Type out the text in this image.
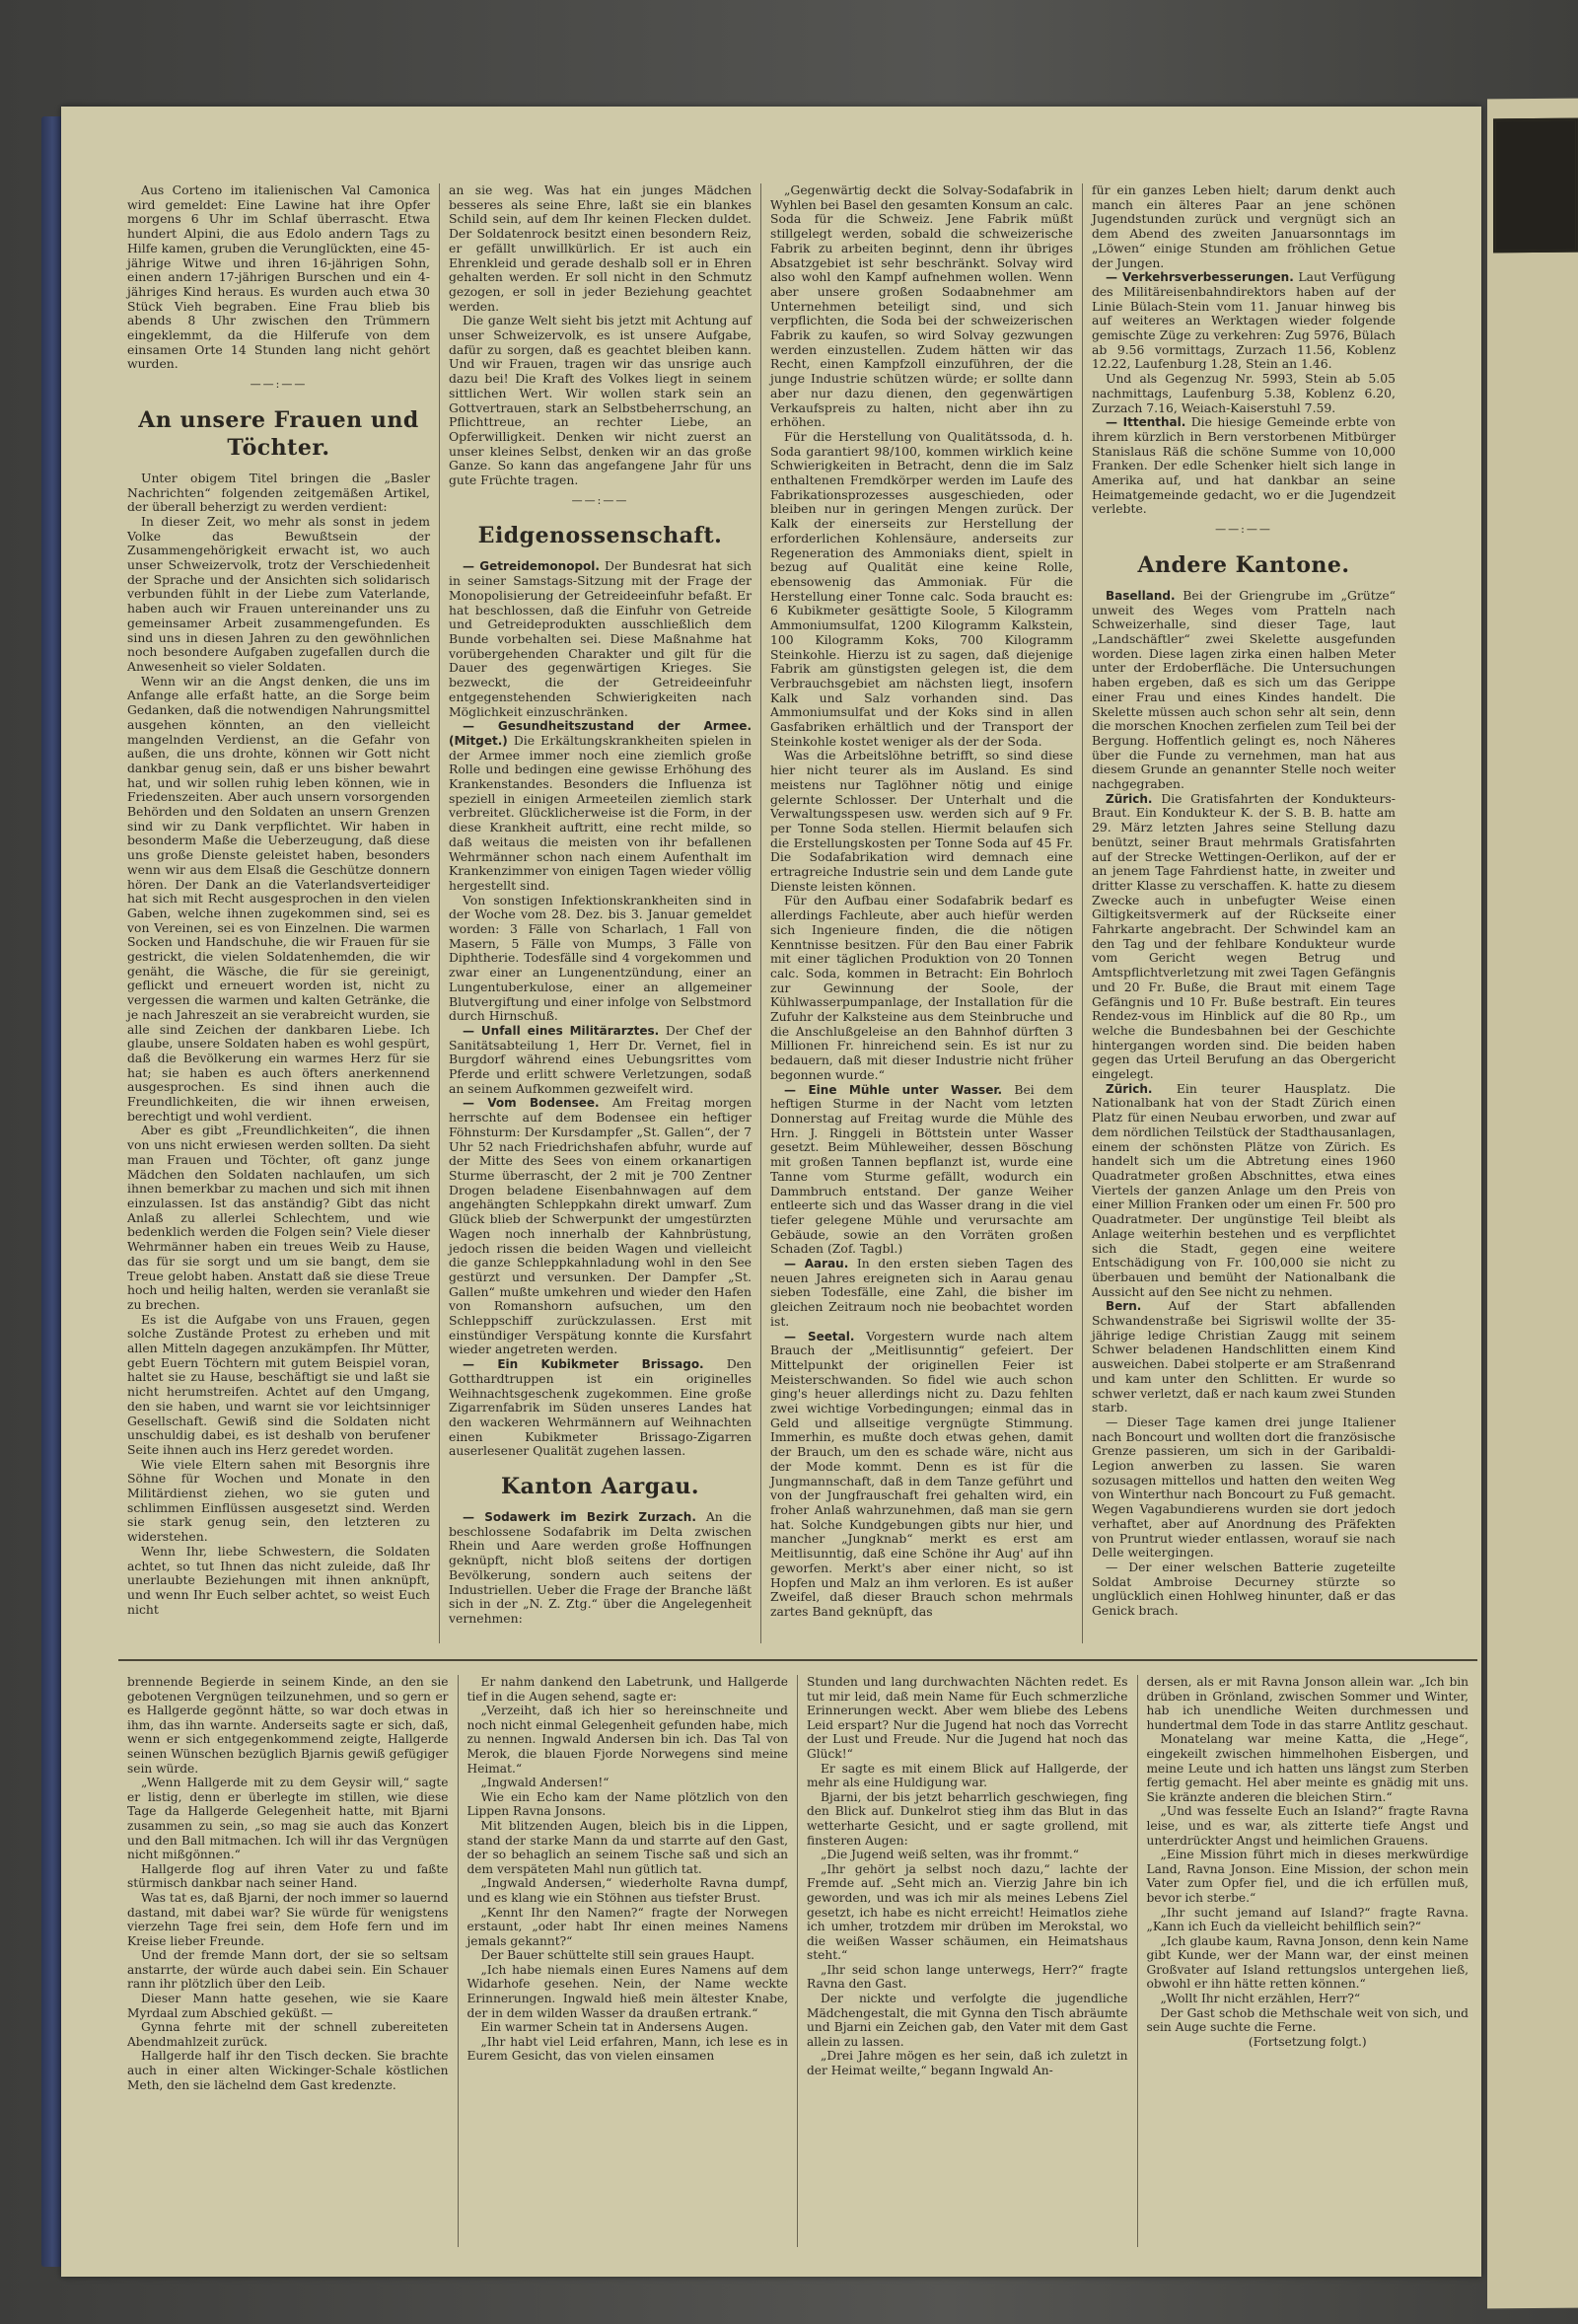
Aus Corteno im italienischen Val Camonica wird gemeldet: Eine Lawine hat ihre Opfer morgens 6 Uhr im Schlaf überrascht. Etwa hundert Alpini, die aus Edolo andern Tags zu Hilfe kamen, gruben die Verunglückten, eine 45-jährige Witwe und ihren 16-jährigen Sohn, einen andern 17-jährigen Burschen und ein 4-jähriges Kind heraus. Es wurden auch etwa 30 Stück Vieh begraben. Eine Frau blieb bis abends 8 Uhr zwischen den Trümmern eingeklemmt, da die Hilferufe von dem einsamen Orte 14 Stunden lang nicht gehört wurden.

——:——
An unsere Frauen und Töchter.

Unter obigem Titel bringen die „Basler Nachrichten“ folgenden zeitgemäßen Artikel, der überall beherzigt zu werden verdient:

In dieser Zeit, wo mehr als sonst in jedem Volke das Bewußtsein der Zusammengehörigkeit erwacht ist, wo auch unser Schweizervolk, trotz der Verschiedenheit der Sprache und der Ansichten sich solidarisch verbunden fühlt in der Liebe zum Vaterlande, haben auch wir Frauen untereinander uns zu gemeinsamer Arbeit zusammengefunden. Es sind uns in diesen Jahren zu den gewöhnlichen noch besondere Aufgaben zugefallen durch die Anwesenheit so vieler Soldaten.

Wenn wir an die Angst denken, die uns im Anfange alle erfaßt hatte, an die Sorge beim Gedanken, daß die notwendigen Nahrungsmittel ausgehen könnten, an den vielleicht mangelnden Verdienst, an die Gefahr von außen, die uns drohte, können wir Gott nicht dankbar genug sein, daß er uns bisher bewahrt hat, und wir sollen ruhig leben können, wie in Friedenszeiten. Aber auch unsern vorsorgenden Behörden und den Soldaten an unsern Grenzen sind wir zu Dank verpflichtet. Wir haben in besonderm Maße die Ueberzeugung, daß diese uns große Dienste geleistet haben, besonders wenn wir aus dem Elsaß die Geschütze donnern hören. Der Dank an die Vaterlandsverteidiger hat sich mit Recht ausgesprochen in den vielen Gaben, welche ihnen zugekommen sind, sei es von Vereinen, sei es von Einzelnen. Die warmen Socken und Handschuhe, die wir Frauen für sie gestrickt, die vielen Soldatenhemden, die wir genäht, die Wäsche, die für sie gereinigt, geflickt und erneuert worden ist, nicht zu vergessen die warmen und kalten Getränke, die je nach Jahreszeit an sie verabreicht wurden, sie alle sind Zeichen der dankbaren Liebe. Ich glaube, unsere Soldaten haben es wohl gespürt, daß die Bevölkerung ein warmes Herz für sie hat; sie haben es auch öfters anerkennend ausgesprochen. Es sind ihnen auch die Freundlichkeiten, die wir ihnen erweisen, berechtigt und wohl verdient.

Aber es gibt „Freundlichkeiten“, die ihnen von uns nicht erwiesen werden sollten. Da sieht man Frauen und Töchter, oft ganz junge Mädchen den Soldaten nachlaufen, um sich ihnen bemerkbar zu machen und sich mit ihnen einzulassen. Ist das anständig? Gibt das nicht Anlaß zu allerlei Schlechtem, und wie bedenklich werden die Folgen sein? Viele dieser Wehrmänner haben ein treues Weib zu Hause, das für sie sorgt und um sie bangt, dem sie Treue gelobt haben. Anstatt daß sie diese Treue hoch und heilig halten, werden sie veranlaßt sie zu brechen.

Es ist die Aufgabe von uns Frauen, gegen solche Zustände Protest zu erheben und mit allen Mitteln dagegen anzukämpfen. Ihr Mütter, gebt Euern Töchtern mit gutem Beispiel voran, haltet sie zu Hause, beschäftigt sie und laßt sie nicht herumstreifen. Achtet auf den Umgang, den sie haben, und warnt sie vor leichtsinniger Gesellschaft. Gewiß sind die Soldaten nicht unschuldig dabei, es ist deshalb von berufener Seite ihnen auch ins Herz geredet worden.

Wie viele Eltern sahen mit Besorgnis ihre Söhne für Wochen und Monate in den Militärdienst ziehen, wo sie guten und schlimmen Einflüssen ausgesetzt sind. Werden sie stark genug sein, den letzteren zu widerstehen.

Wenn Ihr, liebe Schwestern, die Soldaten achtet, so tut Ihnen das nicht zuleide, daß Ihr unerlaubte Beziehungen mit ihnen anknüpft, und wenn Ihr Euch selber achtet, so weist Euch nicht

an sie weg. Was hat ein junges Mädchen besseres als seine Ehre, laßt sie ein blankes Schild sein, auf dem Ihr keinen Flecken duldet. Der Soldatenrock besitzt einen besondern Reiz, er gefällt unwillkürlich. Er ist auch ein Ehrenkleid und gerade deshalb soll er in Ehren gehalten werden. Er soll nicht in den Schmutz gezogen, er soll in jeder Beziehung geachtet werden.

Die ganze Welt sieht bis jetzt mit Achtung auf unser Schweizervolk, es ist unsere Aufgabe, dafür zu sorgen, daß es geachtet bleiben kann. Und wir Frauen, tragen wir das unsrige auch dazu bei! Die Kraft des Volkes liegt in seinem sittlichen Wert. Wir wollen stark sein an Gottvertrauen, stark an Selbstbeherrschung, an Pflichttreue, an rechter Liebe, an Opferwilligkeit. Denken wir nicht zuerst an unser kleines Selbst, denken wir an das große Ganze. So kann das angefangene Jahr für uns gute Früchte tragen.

——:——
Eidgenossenschaft.

— Getreidemonopol. Der Bundesrat hat sich in seiner Samstags-Sitzung mit der Frage der Monopolisierung der Getreideeinfuhr befaßt. Er hat beschlossen, daß die Einfuhr von Getreide und Getreideprodukten ausschließlich dem Bunde vorbehalten sei. Diese Maßnahme hat vorübergehenden Charakter und gilt für die Dauer des gegenwärtigen Krieges. Sie bezweckt, die der Getreideeinfuhr entgegenstehenden Schwierigkeiten nach Möglichkeit einzuschränken.

— Gesundheitszustand der Armee. (Mitget.) Die Erkältungskrankheiten spielen in der Armee immer noch eine ziemlich große Rolle und bedingen eine gewisse Erhöhung des Krankenstandes. Besonders die Influenza ist speziell in einigen Armeeteilen ziemlich stark verbreitet. Glücklicherweise ist die Form, in der diese Krankheit auftritt, eine recht milde, so daß weitaus die meisten von ihr befallenen Wehrmänner schon nach einem Aufenthalt im Krankenzimmer von einigen Tagen wieder völlig hergestellt sind.

Von sonstigen Infektionskrankheiten sind in der Woche vom 28. Dez. bis 3. Januar gemeldet worden: 3 Fälle von Scharlach, 1 Fall von Masern, 5 Fälle von Mumps, 3 Fälle von Diphtherie. Todesfälle sind 4 vorgekommen und zwar einer an Lungenentzündung, einer an Lungentuberkulose, einer an allgemeiner Blutvergiftung und einer infolge von Selbstmord durch Hirnschuß.

— Unfall eines Militärarztes. Der Chef der Sanitätsabteilung 1, Herr Dr. Vernet, fiel in Burgdorf während eines Uebungsrittes vom Pferde und erlitt schwere Verletzungen, sodaß an seinem Aufkommen gezweifelt wird.

— Vom Bodensee. Am Freitag morgen herrschte auf dem Bodensee ein heftiger Föhnsturm: Der Kursdampfer „St. Gallen“, der 7 Uhr 52 nach Friedrichshafen abfuhr, wurde auf der Mitte des Sees von einem orkanartigen Sturme überrascht, der 2 mit je 700 Zentner Drogen beladene Eisenbahnwagen auf dem angehängten Schleppkahn direkt umwarf. Zum Glück blieb der Schwerpunkt der umgestürzten Wagen noch innerhalb der Kahnbrüstung, jedoch rissen die beiden Wagen und vielleicht die ganze Schleppkahnladung wohl in den See gestürzt und versunken. Der Dampfer „St. Gallen“ mußte umkehren und wieder den Hafen von Romanshorn aufsuchen, um den Schleppschiff zurückzulassen. Erst mit einstündiger Verspätung konnte die Kursfahrt wieder angetreten werden.

— Ein Kubikmeter Brissago. Den Gotthardtruppen ist ein originelles Weihnachtsgeschenk zugekommen. Eine große Zigarrenfabrik im Süden unseres Landes hat den wackeren Wehrmännern auf Weihnachten einen Kubikmeter Brissago-Zigarren auserlesener Qualität zugehen lassen.

Kanton Aargau.

— Sodawerk im Bezirk Zurzach. An die beschlossene Sodafabrik im Delta zwischen Rhein und Aare werden große Hoffnungen geknüpft, nicht bloß seitens der dortigen Bevölkerung, sondern auch seitens der Industriellen. Ueber die Frage der Branche läßt sich in der „N. Z. Ztg.“ über die Angelegenheit vernehmen:

„Gegenwärtig deckt die Solvay-Sodafabrik in Wyhlen bei Basel den gesamten Konsum an calc. Soda für die Schweiz. Jene Fabrik müßt stillgelegt werden, sobald die schweizerische Fabrik zu arbeiten beginnt, denn ihr übriges Absatzgebiet ist sehr beschränkt. Solvay wird also wohl den Kampf aufnehmen wollen. Wenn aber unsere großen Sodaabnehmer am Unternehmen beteiligt sind, und sich verpflichten, die Soda bei der schweizerischen Fabrik zu kaufen, so wird Solvay gezwungen werden einzustellen. Zudem hätten wir das Recht, einen Kampfzoll einzuführen, der die junge Industrie schützen würde; er sollte dann aber nur dazu dienen, den gegenwärtigen Verkaufspreis zu halten, nicht aber ihn zu erhöhen.

Für die Herstellung von Qualitätssoda, d. h. Soda garantiert 98/100, kommen wirklich keine Schwierigkeiten in Betracht, denn die im Salz enthaltenen Fremdkörper werden im Laufe des Fabrikationsprozesses ausgeschieden, oder bleiben nur in geringen Mengen zurück. Der Kalk der einerseits zur Herstellung der erforderlichen Kohlensäure, anderseits zur Regeneration des Ammoniaks dient, spielt in bezug auf Qualität eine keine Rolle, ebensowenig das Ammoniak. Für die Herstellung einer Tonne calc. Soda braucht es: 6 Kubikmeter gesättigte Soole, 5 Kilogramm Ammoniumsulfat, 1200 Kilogramm Kalkstein, 100 Kilogramm Koks, 700 Kilogramm Steinkohle. Hierzu ist zu sagen, daß diejenige Fabrik am günstigsten gelegen ist, die dem Verbrauchsgebiet am nächsten liegt, insofern Kalk und Salz vorhanden sind. Das Ammoniumsulfat und der Koks sind in allen Gasfabriken erhältlich und der Transport der Steinkohle kostet weniger als der der Soda.

Was die Arbeitslöhne betrifft, so sind diese hier nicht teurer als im Ausland. Es sind meistens nur Taglöhner nötig und einige gelernte Schlosser. Der Unterhalt und die Verwaltungsspesen usw. werden sich auf 9 Fr. per Tonne Soda stellen. Hiermit belaufen sich die Erstellungskosten per Tonne Soda auf 45 Fr. Die Sodafabrikation wird demnach eine ertragreiche Industrie sein und dem Lande gute Dienste leisten können.

Für den Aufbau einer Sodafabrik bedarf es allerdings Fachleute, aber auch hiefür werden sich Ingenieure finden, die die nötigen Kenntnisse besitzen. Für den Bau einer Fabrik mit einer täglichen Produktion von 20 Tonnen calc. Soda, kommen in Betracht: Ein Bohrloch zur Gewinnung der Soole, der Kühlwasserpumpanlage, der Installation für die Zufuhr der Kalksteine aus dem Steinbruche und die Anschlußgeleise an den Bahnhof dürften 3 Millionen Fr. hinreichend sein. Es ist nur zu bedauern, daß mit dieser Industrie nicht früher begonnen wurde.“

— Eine Mühle unter Wasser. Bei dem heftigen Sturme in der Nacht vom letzten Donnerstag auf Freitag wurde die Mühle des Hrn. J. Ringgeli in Böttstein unter Wasser gesetzt. Beim Mühleweiher, dessen Böschung mit großen Tannen bepflanzt ist, wurde eine Tanne vom Sturme gefällt, wodurch ein Dammbruch entstand. Der ganze Weiher entleerte sich und das Wasser drang in die viel tiefer gelegene Mühle und verursachte am Gebäude, sowie an den Vorräten großen Schaden (Zof. Tagbl.)

— Aarau. In den ersten sieben Tagen des neuen Jahres ereigneten sich in Aarau genau sieben Todesfälle, eine Zahl, die bisher im gleichen Zeitraum noch nie beobachtet worden ist.

— Seetal. Vorgestern wurde nach altem Brauch der „Meitlisunntig“ gefeiert. Der Mittelpunkt der originellen Feier ist Meisterschwanden. So fidel wie auch schon ging's heuer allerdings nicht zu. Dazu fehlten zwei wichtige Vorbedingungen; einmal das in Geld und allseitige vergnügte Stimmung. Immerhin, es mußte doch etwas gehen, damit der Brauch, um den es schade wäre, nicht aus der Mode kommt. Denn es ist für die Jungmannschaft, daß in dem Tanze geführt und von der Jungfrauschaft frei gehalten wird, ein froher Anlaß wahrzunehmen, daß man sie gern hat. Solche Kundgebungen gibts nur hier, und mancher „Jungknab“ merkt es erst am Meitlisunntig, daß eine Schöne ihr Aug' auf ihn geworfen. Merkt's aber einer nicht, so ist Hopfen und Malz an ihm verloren. Es ist außer Zweifel, daß dieser Brauch schon mehrmals zartes Band geknüpft, das

für ein ganzes Leben hielt; darum denkt auch manch ein älteres Paar an jene schönen Jugendstunden zurück und vergnügt sich an dem Abend des zweiten Januarsonntags im „Löwen“ einige Stunden am fröhlichen Getue der Jungen.

— Verkehrsverbesserungen. Laut Verfügung des Militäreisenbahndirektors haben auf der Linie Bülach-Stein vom 11. Januar hinweg bis auf weiteres an Werktagen wieder folgende gemischte Züge zu verkehren: Zug 5976, Bülach ab 9.56 vormittags, Zurzach 11.56, Koblenz 12.22, Laufenburg 1.28, Stein an 1.46.

Und als Gegenzug Nr. 5993, Stein ab 5.05 nachmittags, Laufenburg 5.38, Koblenz 6.20, Zurzach 7.16, Weiach-Kaiserstuhl 7.59.

— Ittenthal. Die hiesige Gemeinde erbte von ihrem kürzlich in Bern verstorbenen Mitbürger Stanislaus Räß die schöne Summe von 10,000 Franken. Der edle Schenker hielt sich lange in Amerika auf, und hat dankbar an seine Heimatgemeinde gedacht, wo er die Jugendzeit verlebte.

——:——
Andere Kantone.

Baselland. Bei der Griengrube im „Grütze“ unweit des Weges vom Pratteln nach Schweizerhalle, sind dieser Tage, laut „Landschäftler“ zwei Skelette ausgefunden worden. Diese lagen zirka einen halben Meter unter der Erdoberfläche. Die Untersuchungen haben ergeben, daß es sich um das Gerippe einer Frau und eines Kindes handelt. Die Skelette müssen auch schon sehr alt sein, denn die morschen Knochen zerfielen zum Teil bei der Bergung. Hoffentlich gelingt es, noch Näheres über die Funde zu vernehmen, man hat aus diesem Grunde an genannter Stelle noch weiter nachgegraben.

Zürich. Die Gratisfahrten der Kondukteurs-Braut. Ein Kondukteur K. der S. B. B. hatte am 29. März letzten Jahres seine Stellung dazu benützt, seiner Braut mehrmals Gratisfahrten auf der Strecke Wettingen-Oerlikon, auf der er an jenem Tage Fahrdienst hatte, in zweiter und dritter Klasse zu verschaffen. K. hatte zu diesem Zwecke auch in unbefugter Weise einen Giltigkeitsvermerk auf der Rückseite einer Fahrkarte angebracht. Der Schwindel kam an den Tag und der fehlbare Kondukteur wurde vom Gericht wegen Betrug und Amtspflichtverletzung mit zwei Tagen Gefängnis und 20 Fr. Buße, die Braut mit einem Tage Gefängnis und 10 Fr. Buße bestraft. Ein teures Rendez-vous im Hinblick auf die 80 Rp., um welche die Bundesbahnen bei der Geschichte hintergangen worden sind. Die beiden haben gegen das Urteil Berufung an das Obergericht eingelegt.

Zürich. Ein teurer Hausplatz. Die Nationalbank hat von der Stadt Zürich einen Platz für einen Neubau erworben, und zwar auf dem nördlichen Teilstück der Stadthausanlagen, einem der schönsten Plätze von Zürich. Es handelt sich um die Abtretung eines 1960 Quadratmeter großen Abschnittes, etwa eines Viertels der ganzen Anlage um den Preis von einer Million Franken oder um einen Fr. 500 pro Quadratmeter. Der ungünstige Teil bleibt als Anlage weiterhin bestehen und es verpflichtet sich die Stadt, gegen eine weitere Entschädigung von Fr. 100,000 sie nicht zu überbauen und bemüht der Nationalbank die Aussicht auf den See nicht zu nehmen.

Bern. Auf der Start abfallenden Schwandenstraße bei Sigriswil wollte der 35-jährige ledige Christian Zaugg mit seinem Schwer beladenen Handschlitten einem Kind ausweichen. Dabei stolperte er am Straßenrand und kam unter den Schlitten. Er wurde so schwer verletzt, daß er nach kaum zwei Stunden starb.

— Dieser Tage kamen drei junge Italiener nach Boncourt und wollten dort die französische Grenze passieren, um sich in der Garibaldi-Legion anwerben zu lassen. Sie waren sozusagen mittellos und hatten den weiten Weg von Winterthur nach Boncourt zu Fuß gemacht. Wegen Vagabundierens wurden sie dort jedoch verhaftet, aber auf Anordnung des Präfekten von Pruntrut wieder entlassen, worauf sie nach Delle weitergingen.

— Der einer welschen Batterie zugeteilte Soldat Ambroise Decurney stürzte so unglücklich einen Hohlweg hinunter, daß er das Genick brach.

brennende Begierde in seinem Kinde, an den sie gebotenen Vergnügen teilzunehmen, und so gern er es Hallgerde gegönnt hätte, so war doch etwas in ihm, das ihn warnte. Anderseits sagte er sich, daß, wenn er sich entgegenkommend zeigte, Hallgerde seinen Wünschen bezüglich Bjarnis gewiß gefügiger sein würde.

„Wenn Hallgerde mit zu dem Geysir will,“ sagte er listig, denn er überlegte im stillen, wie diese Tage da Hallgerde Gelegenheit hatte, mit Bjarni zusammen zu sein, „so mag sie auch das Konzert und den Ball mitmachen. Ich will ihr das Vergnügen nicht mißgönnen.“

Hallgerde flog auf ihren Vater zu und faßte stürmisch dankbar nach seiner Hand.

Was tat es, daß Bjarni, der noch immer so lauernd dastand, mit dabei war? Sie würde für wenigstens vierzehn Tage frei sein, dem Hofe fern und im Kreise lieber Freunde.

Und der fremde Mann dort, der sie so seltsam anstarrte, der würde auch dabei sein. Ein Schauer rann ihr plötzlich über den Leib.

Dieser Mann hatte gesehen, wie sie Kaare Myrdaal zum Abschied geküßt. —

Gynna fehrte mit der schnell zubereiteten Abendmahlzeit zurück.

Hallgerde half ihr den Tisch decken. Sie brachte auch in einer alten Wickinger-Schale köstlichen Meth, den sie lächelnd dem Gast kredenzte.

Er nahm dankend den Labetrunk, und Hallgerde tief in die Augen sehend, sagte er:

„Verzeiht, daß ich hier so hereinschneite und noch nicht einmal Gelegenheit gefunden habe, mich zu nennen. Ingwald Andersen bin ich. Das Tal von Merok, die blauen Fjorde Norwegens sind meine Heimat.“

„Ingwald Andersen!“

Wie ein Echo kam der Name plötzlich von den Lippen Ravna Jonsons.

Mit blitzenden Augen, bleich bis in die Lippen, stand der starke Mann da und starrte auf den Gast, der so behaglich an seinem Tische saß und sich an dem verspäteten Mahl nun gütlich tat.

„Ingwald Andersen,“ wiederholte Ravna dumpf, und es klang wie ein Stöhnen aus tiefster Brust.

„Kennt Ihr den Namen?“ fragte der Norwegen erstaunt, „oder habt Ihr einen meines Namens jemals gekannt?“

Der Bauer schüttelte still sein graues Haupt.

„Ich habe niemals einen Eures Namens auf dem Widarhofe gesehen. Nein, der Name weckte Erinnerungen. Ingwald hieß mein ältester Knabe, der in dem wilden Wasser da draußen ertrank.“

Ein warmer Schein tat in Andersens Augen.

„Ihr habt viel Leid erfahren, Mann, ich lese es in Eurem Gesicht, das von vielen einsamen

Stunden und lang durchwachten Nächten redet. Es tut mir leid, daß mein Name für Euch schmerzliche Erinnerungen weckt. Aber wem bliebe des Lebens Leid erspart? Nur die Jugend hat noch das Vorrecht der Lust und Freude. Nur die Jugend hat noch das Glück!“

Er sagte es mit einem Blick auf Hallgerde, der mehr als eine Huldigung war.

Bjarni, der bis jetzt beharrlich geschwiegen, fing den Blick auf. Dunkelrot stieg ihm das Blut in das wetterharte Gesicht, und er sagte grollend, mit finsteren Augen:

„Die Jugend weiß selten, was ihr frommt.“

„Ihr gehört ja selbst noch dazu,“ lachte der Fremde auf. „Seht mich an. Vierzig Jahre bin ich geworden, und was ich mir als meines Lebens Ziel gesetzt, ich habe es nicht erreicht! Heimatlos ziehe ich umher, trotzdem mir drüben im Merokstal, wo die weißen Wasser schäumen, ein Heimatshaus steht.“

„Ihr seid schon lange unterwegs, Herr?“ fragte Ravna den Gast.

Der nickte und verfolgte die jugendliche Mädchengestalt, die mit Gynna den Tisch abräumte und Bjarni ein Zeichen gab, den Vater mit dem Gast allein zu lassen.

„Drei Jahre mögen es her sein, daß ich zuletzt in der Heimat weilte,“ begann Ingwald An-

dersen, als er mit Ravna Jonson allein war. „Ich bin drüben in Grönland, zwischen Sommer und Winter, hab ich unendliche Weiten durchmessen und hundertmal dem Tode in das starre Antlitz geschaut.

Monatelang war meine Katta, die „Hege“, eingekeilt zwischen himmelhohen Eisbergen, und meine Leute und ich hatten uns längst zum Sterben fertig gemacht. Hel aber meinte es gnädig mit uns. Sie kränzte anderen die bleichen Stirn.“

„Und was fesselte Euch an Island?“ fragte Ravna leise, und es war, als zitterte tiefe Angst und unterdrückter Angst und heimlichen Grauens.

„Eine Mission führt mich in dieses merkwürdige Land, Ravna Jonson. Eine Mission, der schon mein Vater zum Opfer fiel, und die ich erfüllen muß, bevor ich sterbe.“

„Ihr sucht jemand auf Island?“ fragte Ravna. „Kann ich Euch da vielleicht behilflich sein?“

„Ich glaube kaum, Ravna Jonson, denn kein Name gibt Kunde, wer der Mann war, der einst meinen Großvater auf Island rettungslos untergehen ließ, obwohl er ihn hätte retten können.“

„Wollt Ihr nicht erzählen, Herr?“

Der Gast schob die Methschale weit von sich, und sein Auge suchte die Ferne.

(Fortsetzung folgt.)
